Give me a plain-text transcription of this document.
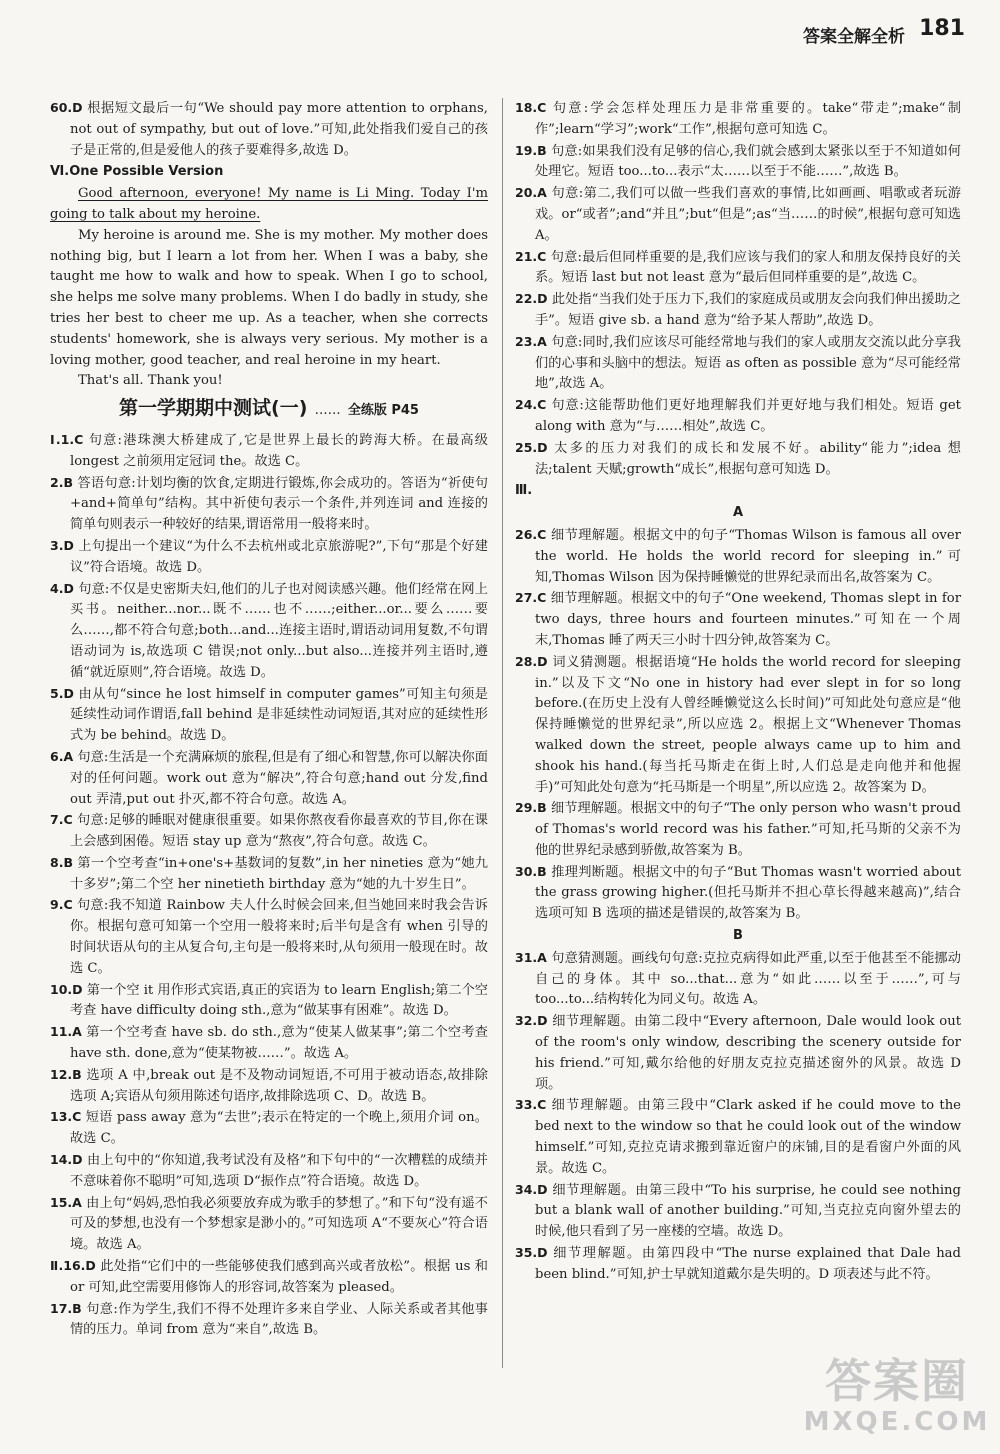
答案全解全析 181
60.D 根据短文最后一句“We should pay more attention to orphans, not out of sympathy, but out of love.”可知,此处指我们爱自己的孩子是正常的,但是爱他人的孩子要难得多,故选 D。
Ⅵ.One Possible Version

Good afternoon, everyone! My name is Li Ming. Today I'm going to talk about my heroine.

My heroine is around me. She is my mother. My mother does nothing big, but I learn a lot from her. When I was a baby, she taught me how to walk and how to speak. When I go to school, she helps me solve many problems. When I do badly in study, she tries her best to cheer me up. As a teacher, when she corrects students' homework, she is always very serious. My mother is a loving mother, good teacher, and real heroine in my heart.

That's all. Thank you!

第一学期期中测试(一) …… 全练版 P45
Ⅰ.1.C 句意:港珠澳大桥建成了,它是世界上最长的跨海大桥。在最高级 longest 之前须用定冠词 the。故选 C。
2.B 答语句意:计划均衡的饮食,定期进行锻炼,你会成功的。答语为“祈使句+and+简单句”结构。其中祈使句表示一个条件,并列连词 and 连接的简单句则表示一种较好的结果,谓语常用一般将来时。
3.D 上句提出一个建议“为什么不去杭州或北京旅游呢?”,下句“那是个好建议”符合语境。故选 D。
4.D 句意:不仅是史密斯夫妇,他们的儿子也对阅读感兴趣。他们经常在网上买书。neither...nor...既不……也不……;either...or...要么……要么……,都不符合句意;both...and...连接主语时,谓语动词用复数,不句谓语动词为 is,故选项 C 错误;not only...but also...连接并列主语时,遵循“就近原则”,符合语境。故选 D。
5.D 由从句“since he lost himself in computer games”可知主句须是延续性动词作谓语,fall behind 是非延续性动词短语,其对应的延续性形式为 be behind。故选 D。
6.A 句意:生活是一个充满麻烦的旅程,但是有了细心和智慧,你可以解决你面对的任何问题。work out 意为“解决”,符合句意;hand out 分发,find out 弄清,put out 扑灭,都不符合句意。故选 A。
7.C 句意:足够的睡眠对健康很重要。如果你熬夜看你最喜欢的节目,你在课上会感到困倦。短语 stay up 意为“熬夜”,符合句意。故选 C。
8.B 第一个空考查“in+one's+基数词的复数”,in her nineties 意为“她九十多岁”;第二个空 her ninetieth birthday 意为“她的九十岁生日”。
9.C 句意:我不知道 Rainbow 夫人什么时候会回来,但当她回来时我会告诉你。根据句意可知第一个空用一般将来时;后半句是含有 when 引导的时间状语从句的主从复合句,主句是一般将来时,从句须用一般现在时。故选 C。
10.D 第一个空 it 用作形式宾语,真正的宾语为 to learn English;第二个空考查 have difficulty doing sth.,意为“做某事有困难”。故选 D。
11.A 第一个空考查 have sb. do sth.,意为“使某人做某事”;第二个空考查 have sth. done,意为“使某物被……”。故选 A。
12.B 选项 A 中,break out 是不及物动词短语,不可用于被动语态,故排除选项 A;宾语从句须用陈述句语序,故排除选项 C、D。故选 B。
13.C 短语 pass away 意为“去世”;表示在特定的一个晚上,须用介词 on。故选 C。
14.D 由上句中的“你知道,我考试没有及格”和下句中的“一次糟糕的成绩并不意味着你不聪明”可知,选项 D“振作点”符合语境。故选 D。
15.A 由上句“妈妈,恐怕我必须要放弃成为歌手的梦想了。”和下句“没有遥不可及的梦想,也没有一个梦想家是渺小的。”可知选项 A“不要灰心”符合语境。故选 A。
Ⅱ.16.D 此处指“它们中的一些能够使我们感到高兴或者放松”。根据 us 和 or 可知,此空需要用修饰人的形容词,故答案为 pleased。
17.B 句意:作为学生,我们不得不处理许多来自学业、人际关系或者其他事情的压力。单词 from 意为“来自”,故选 B。
18.C 句意:学会怎样处理压力是非常重要的。take“带走”;make“制作”;learn“学习”;work“工作”,根据句意可知选 C。
19.B 句意:如果我们没有足够的信心,我们就会感到太紧张以至于不知道如何处理它。短语 too...to...表示“太……以至于不能……”,故选 B。
20.A 句意:第二,我们可以做一些我们喜欢的事情,比如画画、唱歌或者玩游戏。or“或者”;and“并且”;but“但是”;as“当……的时候”,根据句意可知选 A。
21.C 句意:最后但同样重要的是,我们应该与我们的家人和朋友保持良好的关系。短语 last but not least 意为“最后但同样重要的是”,故选 C。
22.D 此处指“当我们处于压力下,我们的家庭成员或朋友会向我们伸出援助之手”。短语 give sb. a hand 意为“给予某人帮助”,故选 D。
23.A 句意:同时,我们应该尽可能经常地与我们的家人或朋友交流以此分享我们的心事和头脑中的想法。短语 as often as possible 意为“尽可能经常地”,故选 A。
24.C 句意:这能帮助他们更好地理解我们并更好地与我们相处。短语 get along with 意为“与……相处”,故选 C。
25.D 太多的压力对我们的成长和发展不好。ability“能力”;idea 想法;talent 天赋;growth“成长”,根据句意可知选 D。
Ⅲ.
A
26.C 细节理解题。根据文中的句子“Thomas Wilson is famous all over the world. He holds the world record for sleeping in.”可知,Thomas Wilson 因为保持睡懒觉的世界纪录而出名,故答案为 C。
27.C 细节理解题。根据文中的句子“One weekend, Thomas slept in for two days, three hours and fourteen minutes.”可知在一个周末,Thomas 睡了两天三小时十四分钟,故答案为 C。
28.D 词义猜测题。根据语境“He holds the world record for sleeping in.”以及下文“No one in history had ever slept in for so long before.(在历史上没有人曾经睡懒觉这么长时间)”可知此处句意应是“他保持睡懒觉的世界纪录”,所以应选 2。根据上文“Whenever Thomas walked down the street, people always came up to him and shook his hand.(每当托马斯走在街上时,人们总是走向他并和他握手)”可知此处句意为“托马斯是一个明星”,所以应选 2。故答案为 D。
29.B 细节理解题。根据文中的句子“The only person who wasn't proud of Thomas's world record was his father.”可知,托马斯的父亲不为他的世界纪录感到骄傲,故答案为 B。
30.B 推理判断题。根据文中的句子“But Thomas wasn't worried about the grass growing higher.(但托马斯并不担心草长得越来越高)”,结合选项可知 B 选项的描述是错误的,故答案为 B。
B
31.A 句意猜测题。画线句句意:克拉克病得如此严重,以至于他甚至不能挪动自己的身体。其中 so...that...意为“如此……以至于……”,可与 too...to...结构转化为同义句。故选 A。
32.D 细节理解题。由第二段中“Every afternoon, Dale would look out of the room's only window, describing the scenery outside for his friend.”可知,戴尔给他的好朋友克拉克描述窗外的风景。故选 D 项。
33.C 细节理解题。由第三段中“Clark asked if he could move to the bed next to the window so that he could look out of the window himself.”可知,克拉克请求搬到靠近窗户的床铺,目的是看窗户外面的风景。故选 C。
34.D 细节理解题。由第三段中“To his surprise, he could see nothing but a blank wall of another building.”可知,当克拉克向窗外望去的时候,他只看到了另一座楼的空墙。故选 D。
35.D 细节理解题。由第四段中“The nurse explained that Dale had been blind.”可知,护士早就知道戴尔是失明的。D 项表述与此不符。
答案圈
MXQE.COM
